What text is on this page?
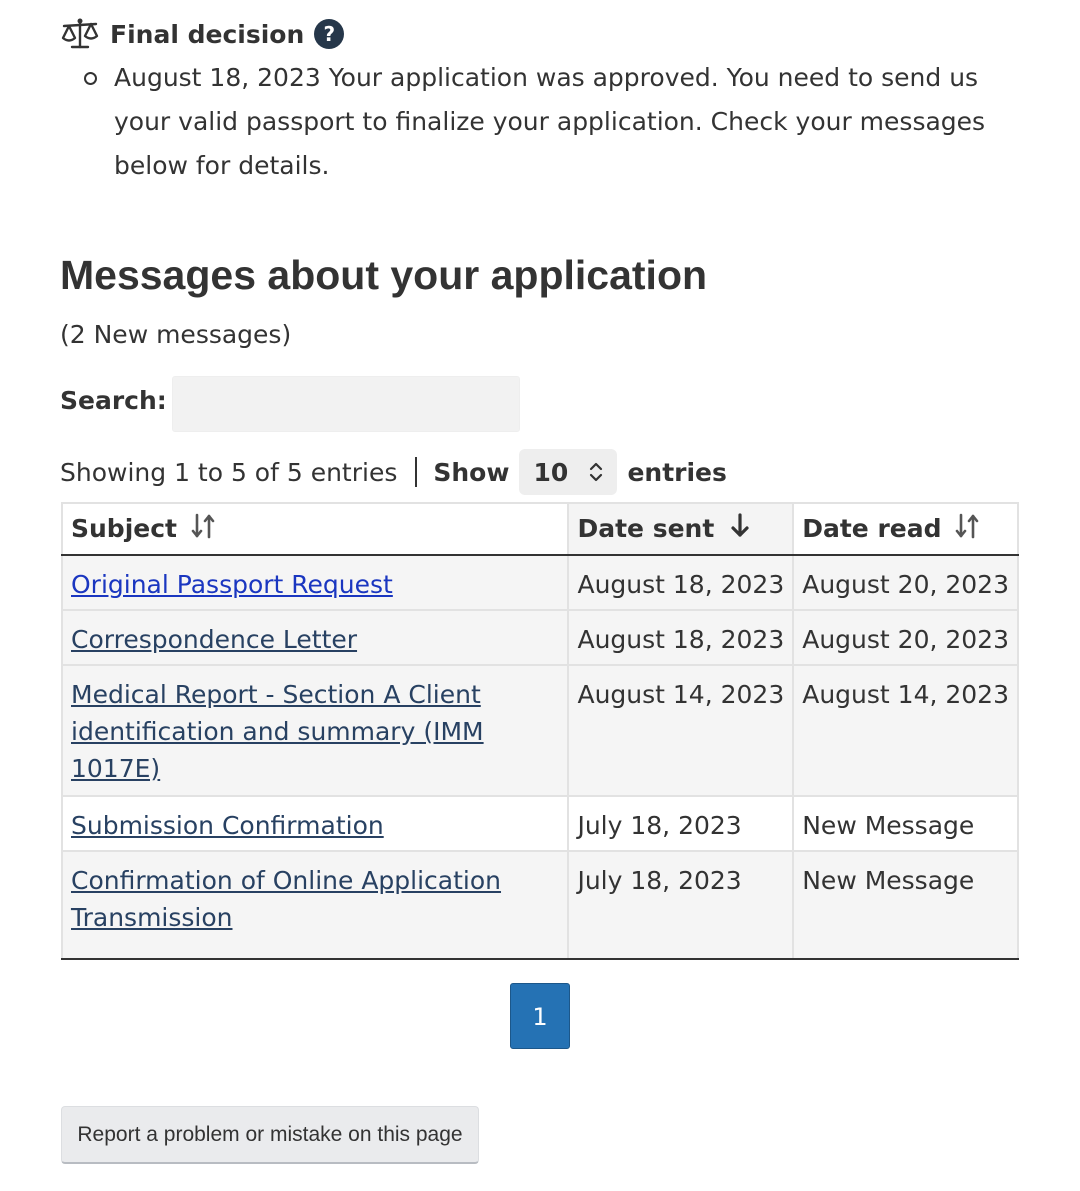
Final decision ?
August 18, 2023 Your application was approved. You need to send us your valid passport to finalize your application. Check your messages below for details.
Messages about your application
(2 New messages)
Search:
Showing 1 to 5 of 5 entries Show 10 entries
Subject	Date sent	Date read
Original Passport Request	August 18, 2023	August 20, 2023
Correspondence Letter	August 18, 2023	August 20, 2023
Medical Report - Section A Client identification and summary (IMM 1017E)	August 14, 2023	August 14, 2023
Submission Confirmation	July 18, 2023	New Message
Confirmation of Online Application Transmission	July 18, 2023	New Message
1
Report a problem or mistake on this page
